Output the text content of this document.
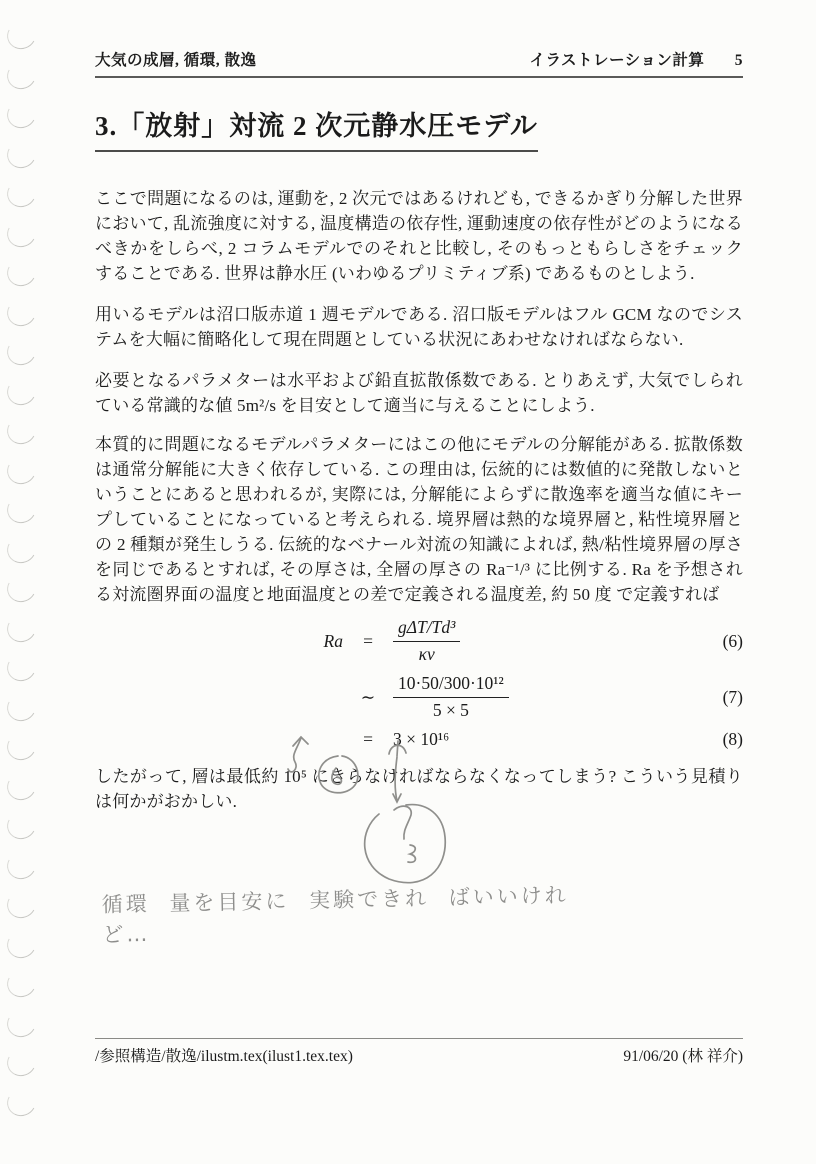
大気の成層, 循環, 散逸	イラストレーション計算 5
3.「放射」対流 2 次元静水圧モデル

ここで問題になるのは, 運動を, 2 次元ではあるけれども, できるかぎり分解した世界において, 乱流強度に対する, 温度構造の依存性, 運動速度の依存性がどのようになるべきかをしらべ, 2 コラムモデルでのそれと比較し, そのもっともらしさをチェックすることである. 世界は静水圧 (いわゆるプリミティブ系) であるものとしよう.

用いるモデルは沼口版赤道 1 週モデルである. 沼口版モデルはフル GCM なのでシステムを大幅に簡略化して現在問題としている状況にあわせなければならない.

必要となるパラメターは水平および鉛直拡散係数である. とりあえず, 大気でしられている常識的な値 5m²/s を目安として適当に与えることにしよう.

本質的に問題になるモデルパラメターにはこの他にモデルの分解能がある. 拡散係数は通常分解能に大きく依存している. この理由は, 伝統的には数値的に発散しないということにあると思われるが, 実際には, 分解能によらずに散逸率を適当な値にキープしていることになっていると考えられる. 境界層は熱的な境界層と, 粘性境界層との 2 種類が発生しうる. 伝統的なベナール対流の知識によれば, 熱/粘性境界層の厚さを同じであるとすれば, その厚さは, 全層の厚さの Ra⁻¹/³ に比例する. Ra を予想される対流圏界面の温度と地面温度との差で定義される温度差, 約 50 度 で定義すれば

Ra	=	$\frac{\text{gΔT/Td³}}{\kappa\nu}$	(6)
∼	$\frac{\text{10·50/300·10¹²}}{5 \times 5}$	(7)
=	3 × 10¹⁶	(8)

したがって, 層は最低約 10⁵ にきらなければならなくなってしまう? こういう見積りは何かがおかしい.

循環 量を目安に 実験できれ ばいいけれど…
/参照構造/散逸/ilustm.tex(ilust1.tex.tex)	91/06/20 (林 祥介)
